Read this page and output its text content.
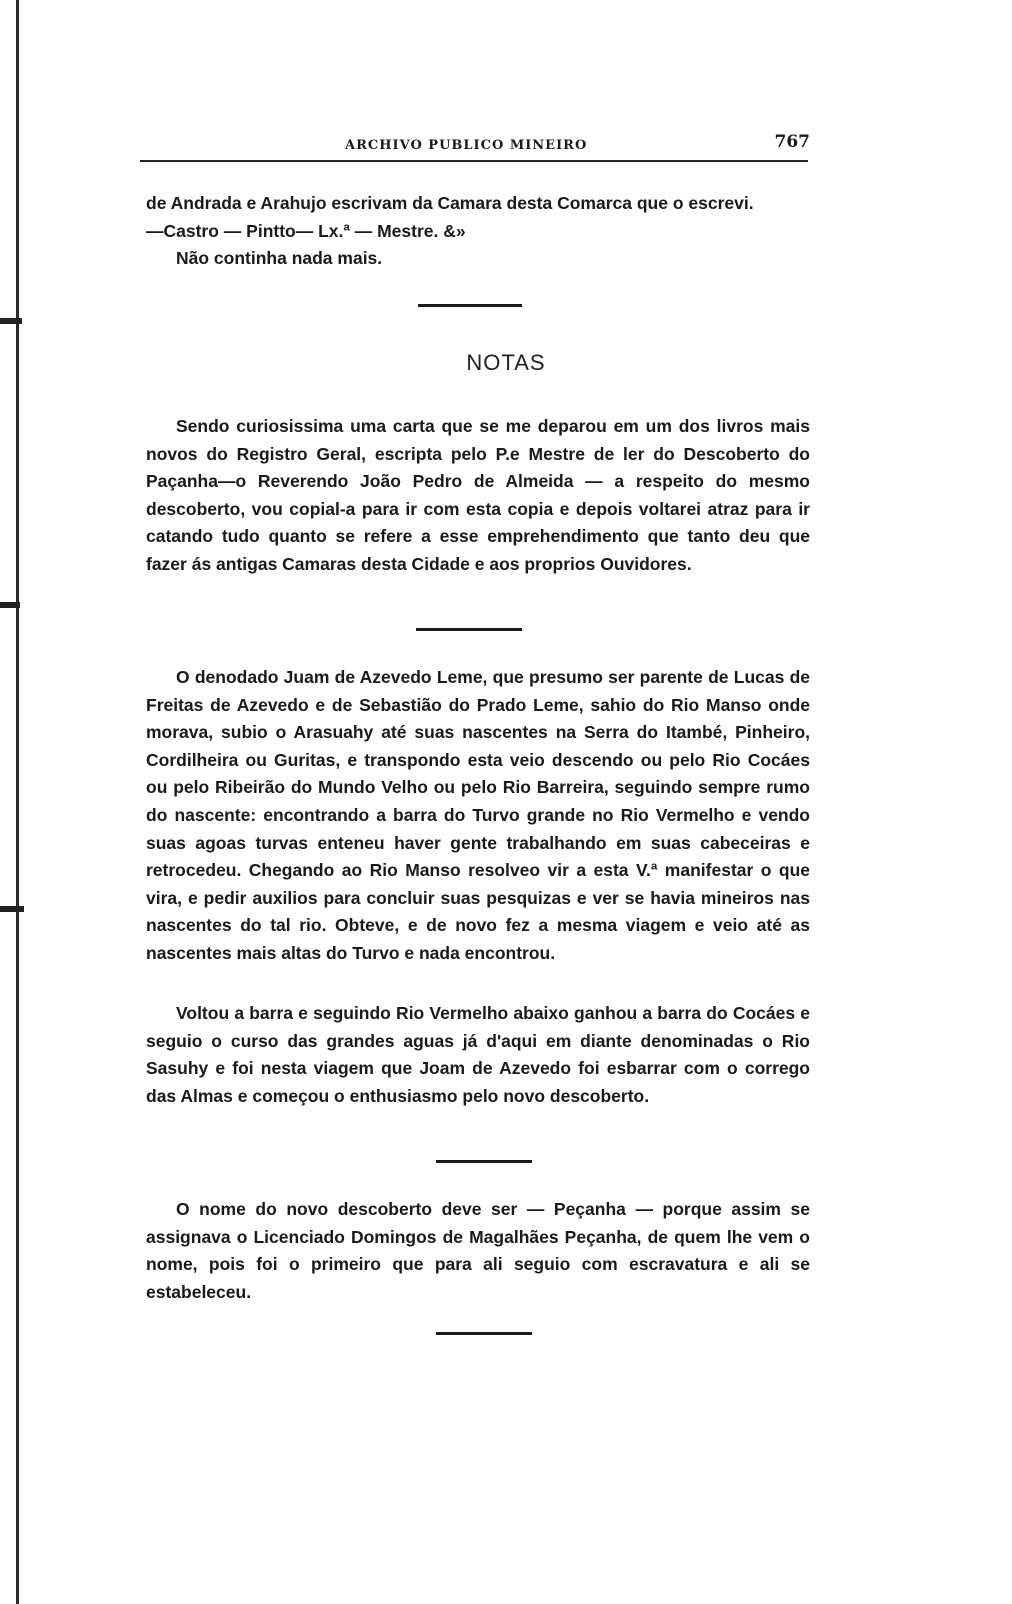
ARCHIVO PUBLICO MINEIRO	767

de Andrada e Arahujo escrivam da Camara desta Comarca que o escrevi.

—Castro — Pintto— Lx.ª — Mestre. &»

Não continha nada mais.

NOTAS

Sendo curiosissima uma carta que se me deparou em um dos livros mais novos do Registro Geral, escripta pelo P.e Mestre de ler do Descoberto do Paçanha—o Reverendo João Pedro de Almeida — a respeito do mesmo descoberto, vou copial-a para ir com esta copia e depois voltarei atraz para ir catando tudo quanto se refere a esse emprehendimento que tanto deu que fazer ás antigas Camaras desta Cidade e aos proprios Ouvidores.

O denodado Juam de Azevedo Leme, que presumo ser parente de Lucas de Freitas de Azevedo e de Sebastião do Prado Leme, sahio do Rio Manso onde morava, subio o Arasuahy até suas nascentes na Serra do Itambé, Pinheiro, Cordilheira ou Guritas, e transpondo esta veio descendo ou pelo Rio Cocáes ou pelo Ribeirão do Mundo Velho ou pelo Rio Barreira, seguindo sempre rumo do nascente: encontrando a barra do Turvo grande no Rio Vermelho e vendo suas agoas turvas enteneu haver gente trabalhando em suas cabeceiras e retrocedeu. Chegando ao Rio Manso resolveo vir a esta V.ª manifestar o que vira, e pedir auxilios para concluir suas pesquizas e ver se havia mineiros nas nascentes do tal rio. Obteve, e de novo fez a mesma viagem e veio até as nascentes mais altas do Turvo e nada encontrou.

Voltou a barra e seguindo Rio Vermelho abaixo ganhou a barra do Cocáes e seguio o curso das grandes aguas já d'aqui em diante denominadas o Rio Sasuhy e foi nesta viagem que Joam de Azevedo foi esbarrar com o corrego das Almas e começou o enthusiasmo pelo novo descoberto.

O nome do novo descoberto deve ser — Peçanha — porque assim se assignava o Licenciado Domingos de Magalhães Peçanha, de quem lhe vem o nome, pois foi o primeiro que para ali seguio com escravatura e ali se estabeleceu.
